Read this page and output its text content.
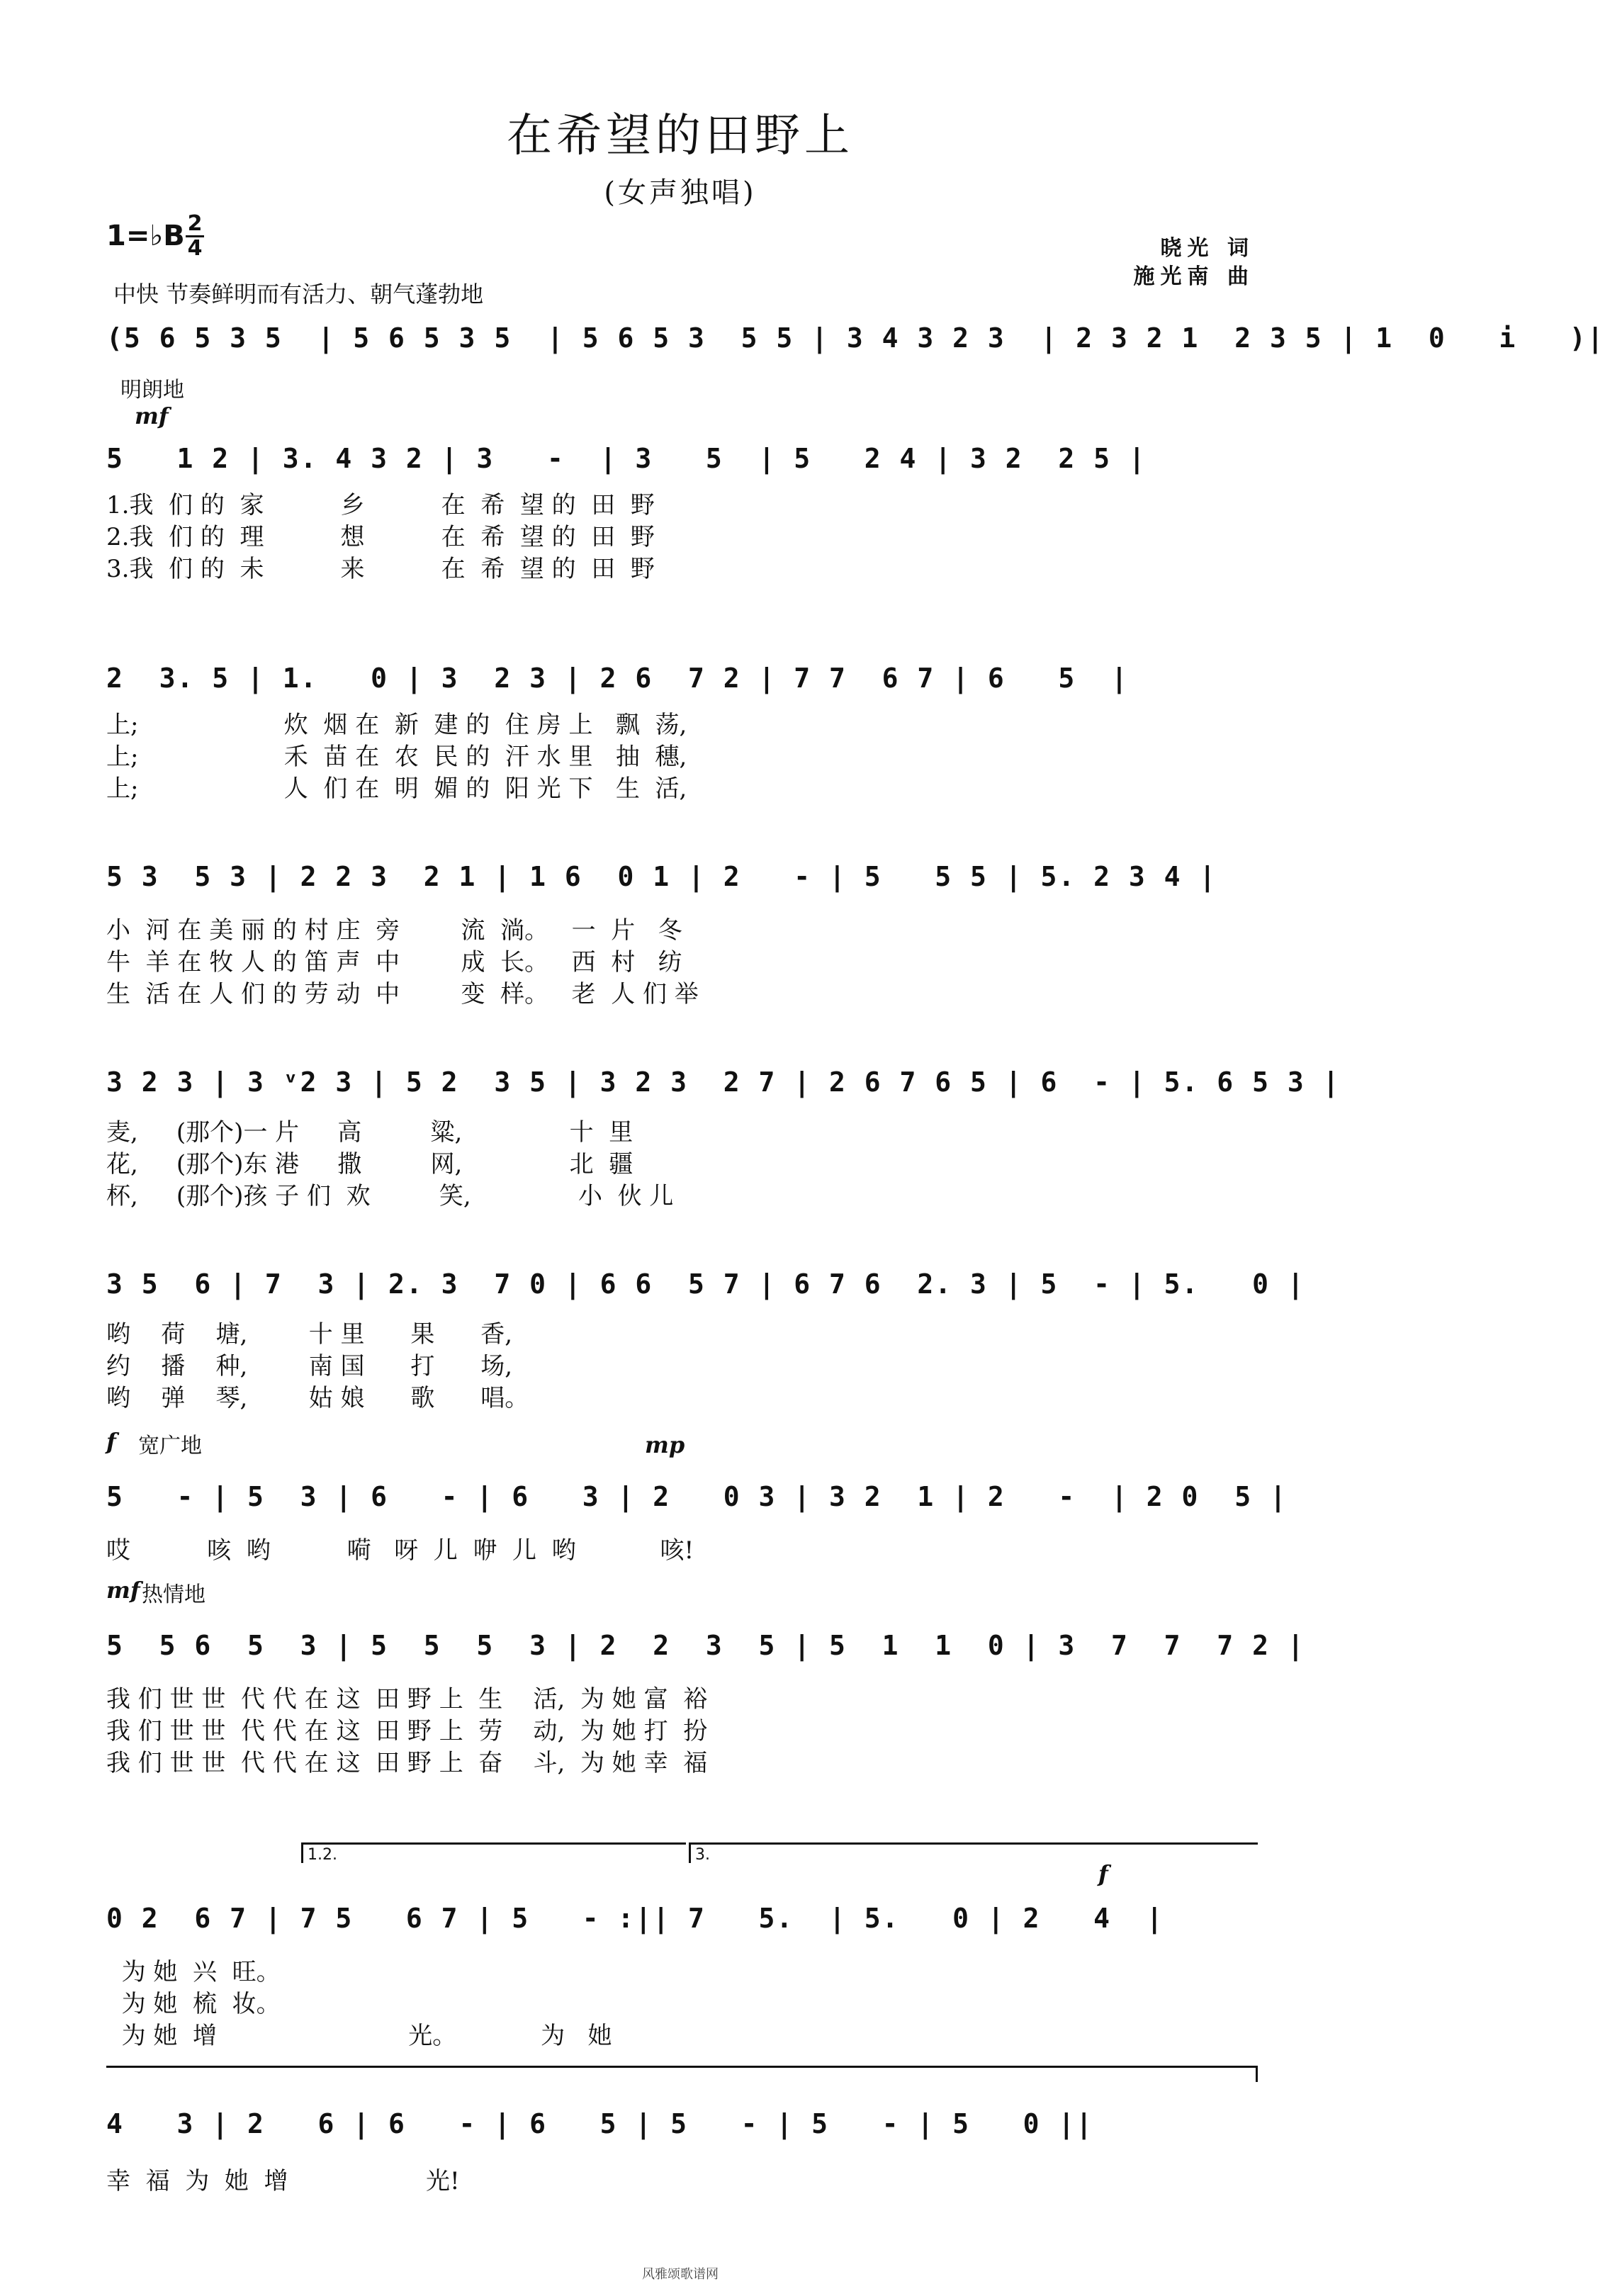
在希望的田野上
(女声独唱)
1=♭B 2
4	晓光 词
施光南 曲
中快 节奏鲜明而有活力、朝气蓬勃地
(5 6 5 3 5  | 5 6 5 3 5  | 5 6 5 3  5 5 | 3 4 3 2 3  | 2 3 2 1  2 3 5 | 1  0   i   )|
明朗地
mf
5   1 2 | 3. 4 3 2 | 3   -  | 3   5  | 5   2 4 | 3 2  2 5 |
1.我  们 的  家          乡          在  希  望 的  田  野
2.我  们 的  理          想          在  希  望 的  田  野
3.我  们 的  未          来          在  希  望 的  田  野
2  3. 5 | 1.   0 | 3  2 3 | 2 6  7 2 | 7 7  6 7 | 6   5  |
上;                   炊  烟 在  新  建 的  住 房 上   飘  荡,
上;                   禾  苗 在  农  民 的  汗 水 里   抽  穗,
上;                   人  们 在  明  媚 的  阳 光 下   生  活,
5 3  5 3 | 2 2 3  2 1 | 1 6  0 1 | 2   - | 5   5 5 | 5. 2 3 4 |
小  河 在 美 丽 的 村 庄  旁        流  淌。   一  片   冬
牛  羊 在 牧 人 的 笛 声  中        成  长。   西  村   纺
生  活 在 人 们 的 劳 动  中        变  样。   老  人 们 举
3 2 3 | 3 ᵛ2 3 | 5 2  3 5 | 3 2 3  2 7 | 2 6 7 6 5 | 6  - | 5. 6 5 3 |
麦,     (那个)一 片     高         粱,              十  里
花,     (那个)东 港     撒         网,              北  疆
杯,     (那个)孩 子 们  欢         笑,              小  伙 儿
3 5  6 | 7  3 | 2. 3  7 0 | 6 6  5 7 | 6 7 6  2. 3 | 5  - | 5.   0 |
哟    荷    塘,        十 里      果      香,
约    播    种,        南 国      打      场,
哟    弹    琴,        姑 娘      歌      唱。
f 宽广地	mp
5   - | 5  3 | 6   - | 6   3 | 2   0 3 | 3 2  1 | 2   -  | 2 0  5 |
哎          咳  哟          嗬   呀  儿  咿  儿  哟           咳!
mf 热情地
5  5 6  5  3 | 5  5  5  3 | 2  2  3  5 | 5  1  1  0 | 3  7  7  7 2 |
我 们 世 世  代 代 在 这  田 野 上  生    活,  为 她 富  裕
我 们 世 世  代 代 在 这  田 野 上  劳    动,  为 她 打  扮
我 们 世 世  代 代 在 这  田 野 上  奋    斗,  为 她 幸  福
1.2.	3.
f
0 2  6 7 | 7 5   6 7 | 5   - :|| 7   5.  | 5.   0 | 2   4  |
为 她  兴  旺。
为 她  梳  妆。
为 她  增                         光。           为   她
4   3 | 2   6 | 6   - | 6   5 | 5   - | 5   - | 5   0 ||
幸  福  为  她  增                  光!
风雅颂歌谱网
